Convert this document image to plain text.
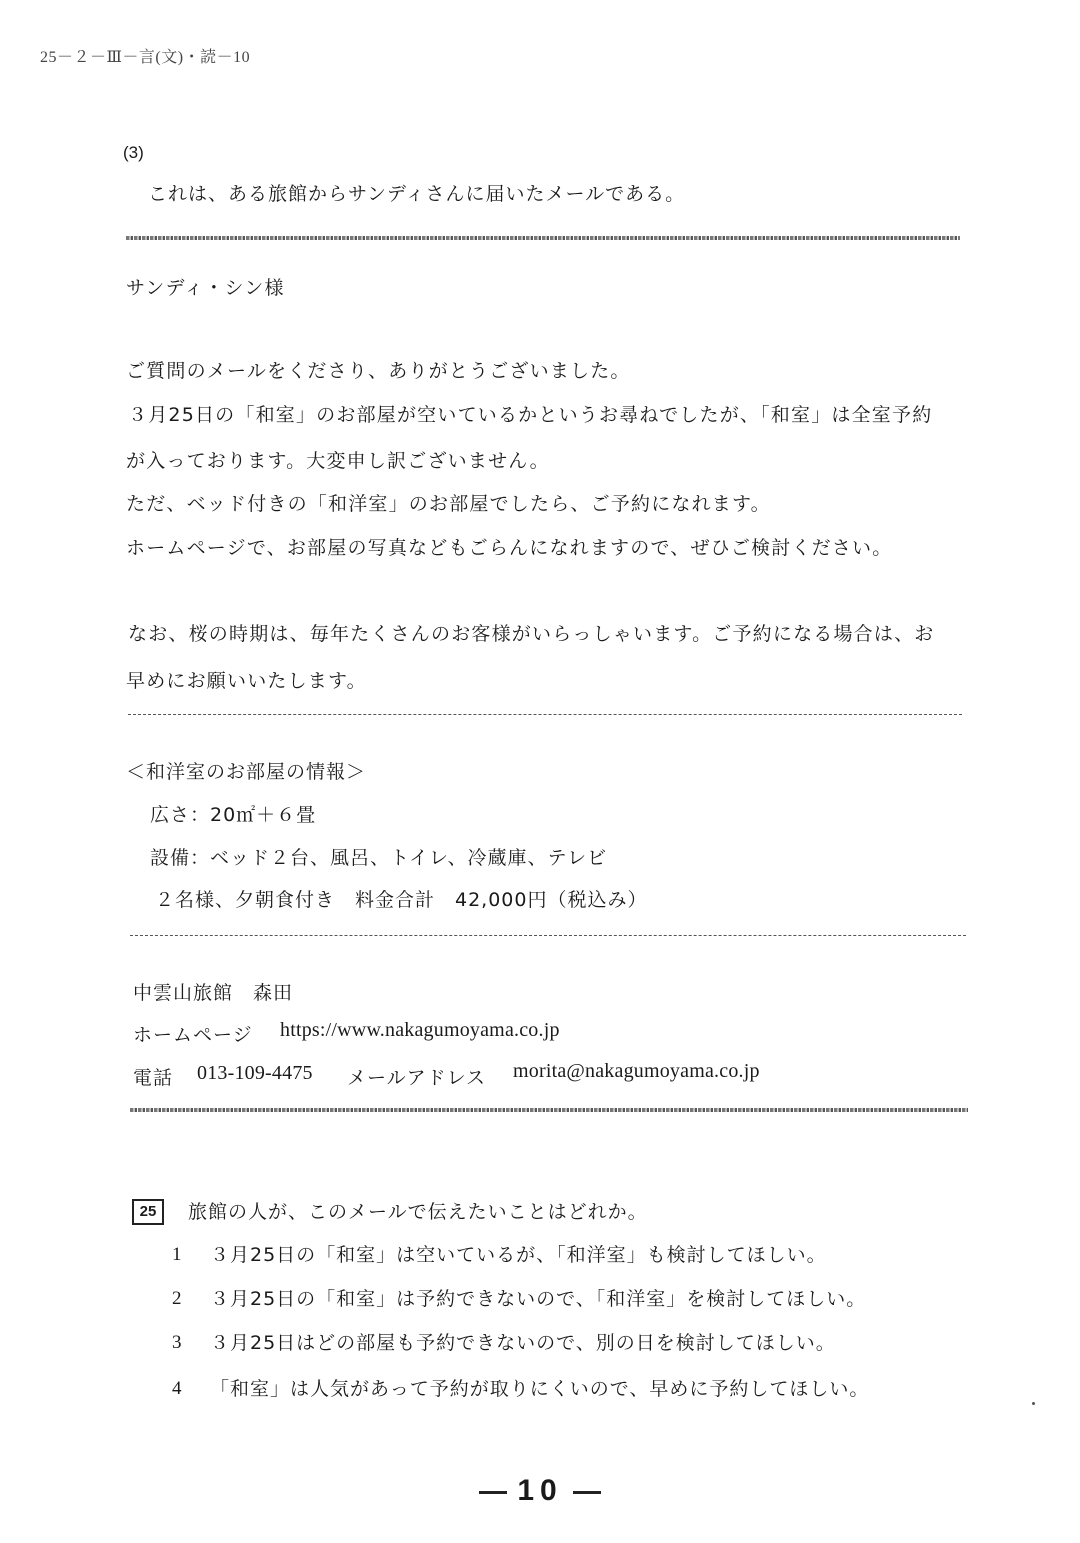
25－２－Ⅲ－言(文)・読－10
(3)
これは、ある旅館からサンディさんに届いたメールである。
サンディ・シン様
ご質問のメールをくださり、ありがとうございました。
３月25日の「和室」のお部屋が空いているかというお尋ねでしたが、「和室」は全室予約
が入っております。大変申し訳ございません。
ただ、ベッド付きの「和洋室」のお部屋でしたら、ご予約になれます。
ホームページで、お部屋の写真などもごらんになれますので、ぜひご検討ください。
なお、桜の時期は、毎年たくさんのお客様がいらっしゃいます。ご予約になる場合は、お
早めにお願いいたします。
＜和洋室のお部屋の情報＞
広さ：20㎡＋６畳
設備：ベッド２台、風呂、トイレ、冷蔵庫、テレビ
２名様、夕朝食付き　料金合計　42,000円（税込み）
中雲山旅館　森田
ホームページ https://www.nakagumoyama.co.jp
電話 013-109-4475 メールアドレス morita@nakagumoyama.co.jp
25	旅館の人が、このメールで伝えたいことはどれか。
1 ３月25日の「和室」は空いているが、「和洋室」も検討してほしい。
2 ３月25日の「和室」は予約できないので、「和洋室」を検討してほしい。
3 ３月25日はどの部屋も予約できないので、別の日を検討してほしい。
4 「和室」は人気があって予約が取りにくいので、早めに予約してほしい。
10
